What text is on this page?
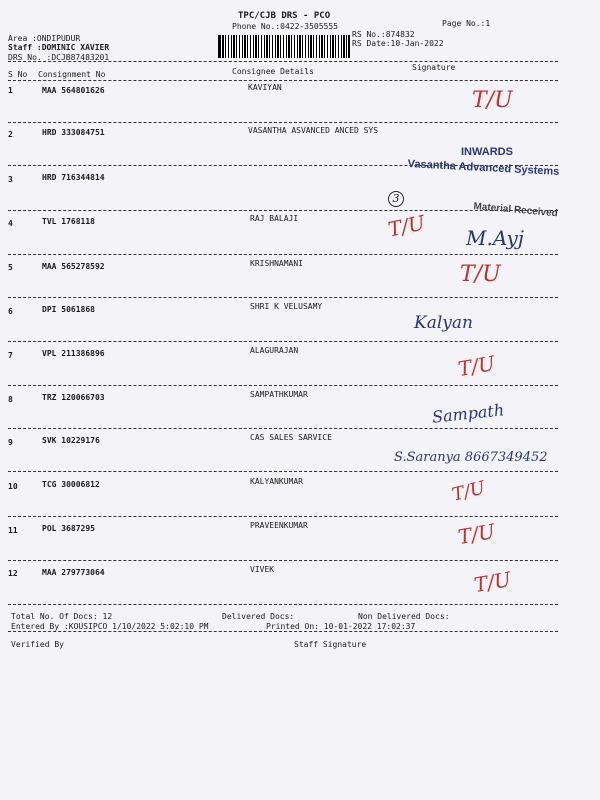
TPC/CJB DRS - PCO
Phone No.:0422-3505555	Page No.:1
Area :ONDIPUDUR
Staff :DOMINIC XAVIER
DRS No. :DCJB87483201
RS No.:874832
RS Date:10-Jan-2022
S No Consignment No	Consignee Details	Signature
1	MAA 564801626	KAVIYAN
2	HRD 333084751	VASANTHA ASVANCED ANCED SYS
3	HRD 716344814
4	TVL 1768118	RAJ BALAJI
5	MAA 565278592	KRISHNAMANI
6	DPI 5061868	SHRI K VELUSAMY
7	VPL 211386896	ALAGURAJAN
8	TRZ 120066703	SAMPATHKUMAR
9	SVK 10229176	CAS SALES SARVICE
10	TCG 30006812	KALYANKUMAR
11	POL 3687295	PRAVEENKUMAR
12	MAA 279773064	VIVEK
Total No. Of Docs: 12	Delivered Docs:	Non Delivered Docs:
Entered By :KOUSIPCO 1/10/2022 5:02:10 PM	Printed On: 10-01-2022 17:02:37
Verified By	Staff Signature
INWARDS
Vasantha Advanced Systems
Material Received
T/U
3
T/U M.Ayj
T/U
Kalyan
T/U
Sampath
S.Saranya 8667349452
T/U
T/U
T/U
